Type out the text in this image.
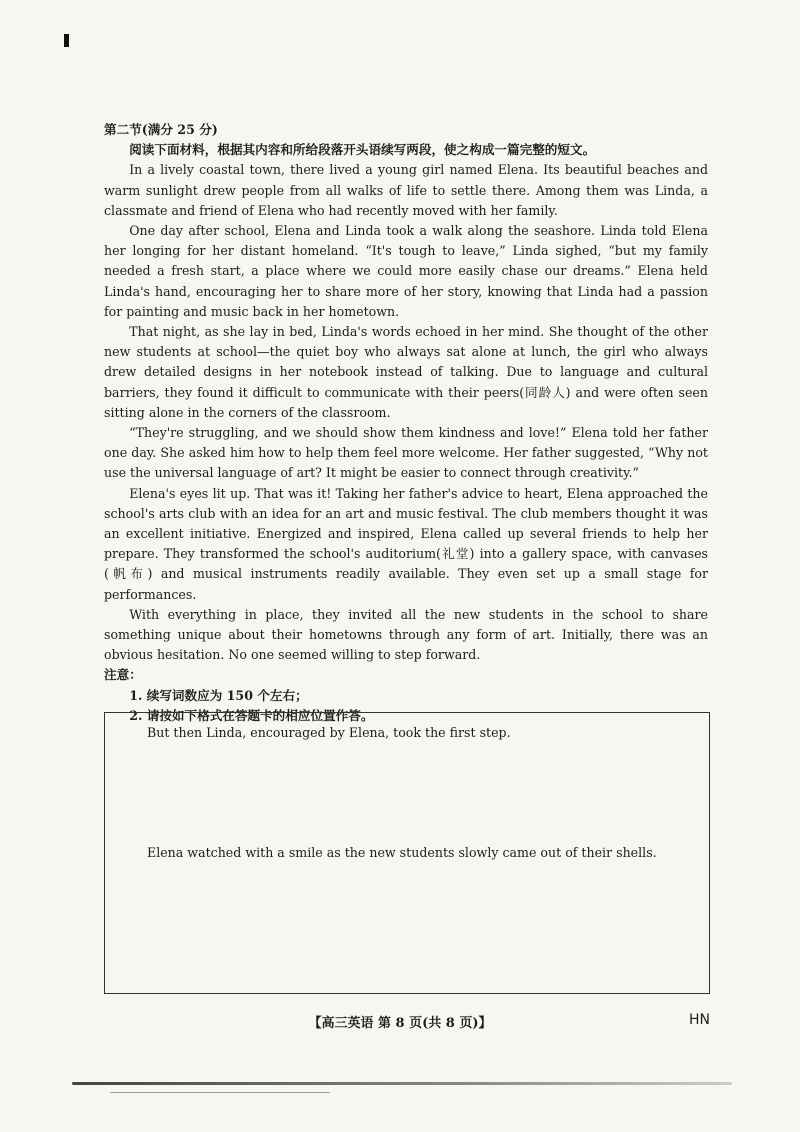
第二节(满分 25 分)

阅读下面材料，根据其内容和所给段落开头语续写两段，使之构成一篇完整的短文。

In a lively coastal town, there lived a young girl named Elena. Its beautiful beaches and warm sunlight drew people from all walks of life to settle there. Among them was Linda, a classmate and friend of Elena who had recently moved with her family.

One day after school, Elena and Linda took a walk along the seashore. Linda told Elena her longing for her distant homeland. “It's tough to leave,” Linda sighed, “but my family needed a fresh start, a place where we could more easily chase our dreams.” Elena held Linda's hand, encouraging her to share more of her story, knowing that Linda had a passion for painting and music back in her hometown.

That night, as she lay in bed, Linda's words echoed in her mind. She thought of the other new students at school—the quiet boy who always sat alone at lunch, the girl who always drew detailed designs in her notebook instead of talking. Due to language and cultural barriers, they found it difficult to communicate with their peers(同龄人) and were often seen sitting alone in the corners of the classroom.

“They're struggling, and we should show them kindness and love!” Elena told her father one day. She asked him how to help them feel more welcome. Her father suggested, “Why not use the universal language of art? It might be easier to connect through creativity.”

Elena's eyes lit up. That was it! Taking her father's advice to heart, Elena approached the school's arts club with an idea for an art and music festival. The club members thought it was an excellent initiative. Energized and inspired, Elena called up several friends to help her prepare. They transformed the school's auditorium(礼堂) into a gallery space, with canvases (帆布) and musical instruments readily available. They even set up a small stage for performances.

With everything in place, they invited all the new students in the school to share something unique about their hometowns through any form of art. Initially, there was an obvious hesitation. No one seemed willing to step forward.

注意：

1. 续写词数应为 150 个左右；

2. 请按如下格式在答题卡的相应位置作答。

But then Linda, encouraged by Elena, took the first step.

Elena watched with a smile as the new students slowly came out of their shells.

【高三英语 第 8 页(共 8 页)】	HN
